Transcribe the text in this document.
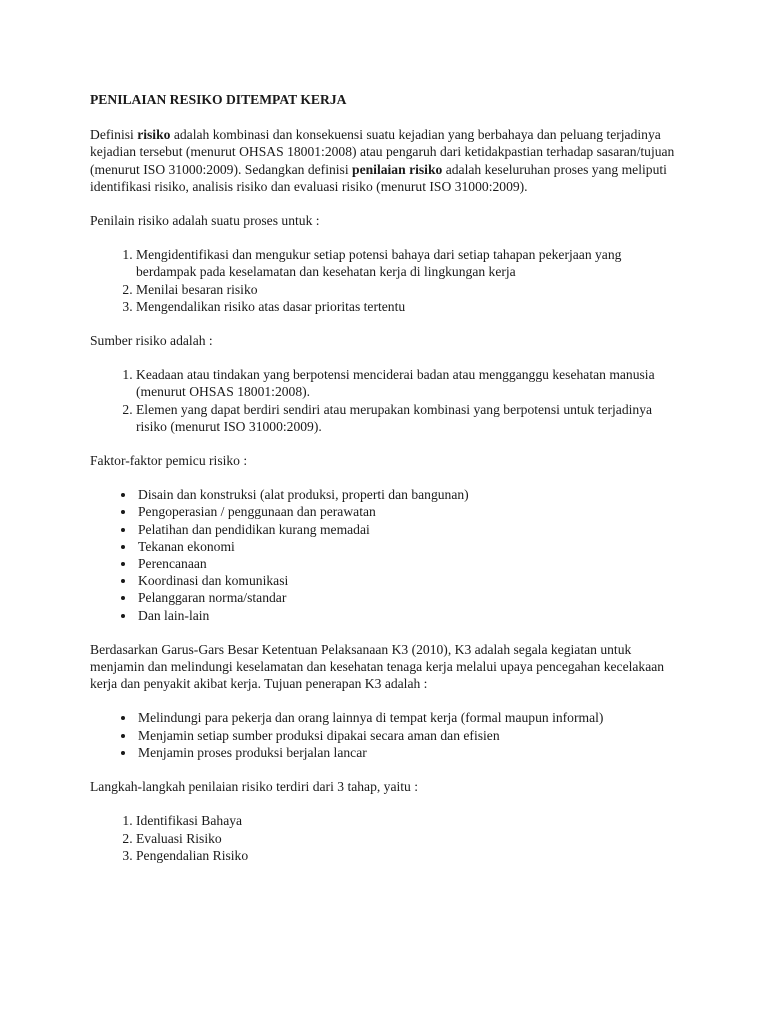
PENILAIAN RESIKO DITEMPAT KERJA

Definisi risiko adalah kombinasi dan konsekuensi suatu kejadian yang berbahaya dan peluang terjadinya kejadian tersebut (menurut OHSAS 18001:2008) atau pengaruh dari ketidakpastian terhadap sasaran/tujuan (menurut ISO 31000:2009). Sedangkan definisi penilaian risiko adalah keseluruhan proses yang meliputi identifikasi risiko, analisis risiko dan evaluasi risiko (menurut ISO 31000:2009).

Penilain risiko adalah suatu proses untuk :

1. Mengidentifikasi dan mengukur setiap potensi bahaya dari setiap tahapan pekerjaan yang berdampak pada keselamatan dan kesehatan kerja di lingkungan kerja
2. Menilai besaran risiko
3. Mengendalikan risiko atas dasar prioritas tertentu

Sumber risiko adalah :

1. Keadaan atau tindakan yang berpotensi menciderai badan atau mengganggu kesehatan manusia (menurut OHSAS 18001:2008).
2. Elemen yang dapat berdiri sendiri atau merupakan kombinasi yang berpotensi untuk terjadinya risiko (menurut ISO 31000:2009).

Faktor-faktor pemicu risiko :

• Disain dan konstruksi (alat produksi, properti dan bangunan)
• Pengoperasian / penggunaan dan perawatan
• Pelatihan dan pendidikan kurang memadai
• Tekanan ekonomi
• Perencanaan
• Koordinasi dan komunikasi
• Pelanggaran norma/standar
• Dan lain-lain

Berdasarkan Garus-Gars Besar Ketentuan Pelaksanaan K3 (2010), K3 adalah segala kegiatan untuk menjamin dan melindungi keselamatan dan kesehatan tenaga kerja melalui upaya pencegahan kecelakaan kerja dan penyakit akibat kerja. Tujuan penerapan K3 adalah :

• Melindungi para pekerja dan orang lainnya di tempat kerja (formal maupun informal)
• Menjamin setiap sumber produksi dipakai secara aman dan efisien
• Menjamin proses produksi berjalan lancar

Langkah-langkah penilaian risiko terdiri dari 3 tahap, yaitu :

1. Identifikasi Bahaya
2. Evaluasi Risiko
3. Pengendalian Risiko
